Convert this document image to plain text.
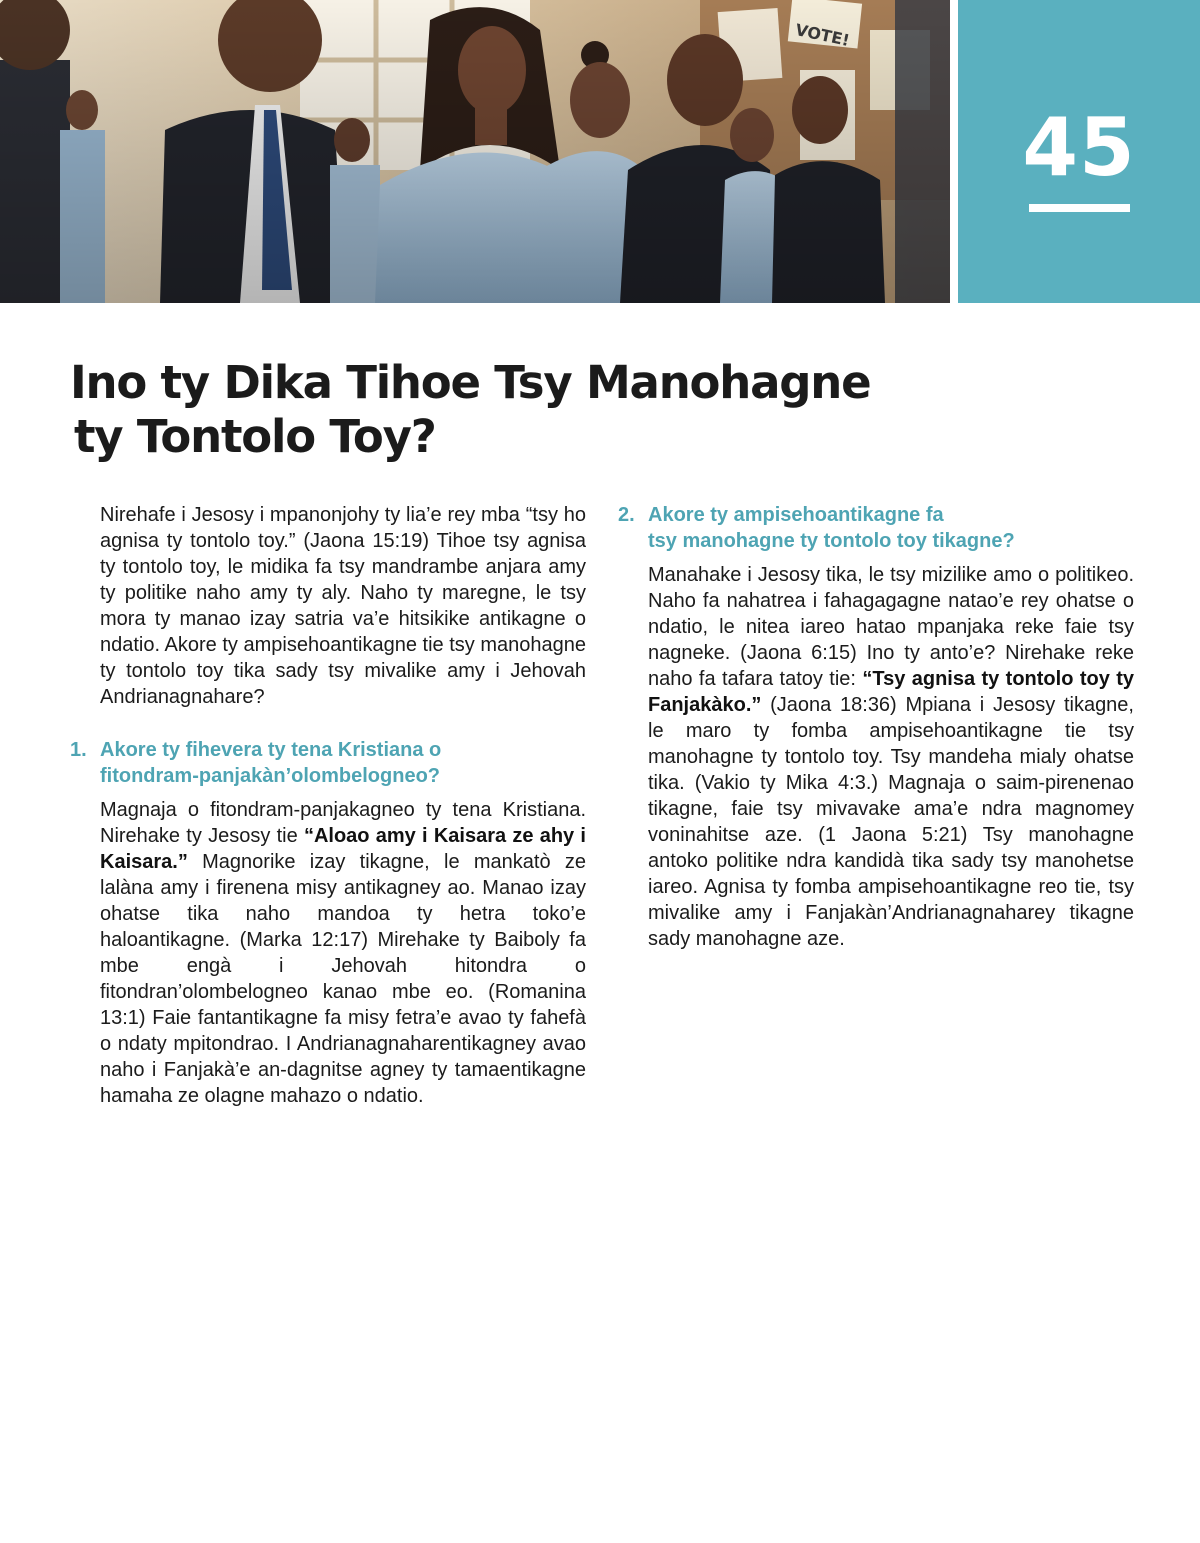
45
Ino ty Dika Tihoe Tsy Manohagne
ty Tontolo Toy?

Nirehafe i Jesosy i mpanonjohy ty lia’e rey mba “tsy ho agnisa ty tontolo toy.” (Jaona 15:19) Tihoe tsy agnisa ty tontolo toy, le midika fa tsy mandrambe anjara amy ty politike naho amy ty aly. Naho ty maregne, le tsy mora ty manao izay satria va’e hitsikike antikagne o ndatio. Akore ty ampisehoantikagne tie tsy manohagne ty tontolo toy tika sady tsy mivalike amy i Jehovah Andrianagnahare?

1. Akore ty fihevera ty tena Kristiana o
fitondram-panjakàn’olombelogneo?

Magnaja o fitondram-panjakagneo ty tena Kristiana. Nirehake ty Jesosy tie “Aloao amy i Kaisara ze ahy i Kaisara.” Magnorike izay tikagne, le mankatò ze lalàna amy i firenena misy antikagney ao. Manao izay ohatse tika naho mandoa ty hetra toko’e haloantikagne. (Marka 12:17) Mirehake ty Baiboly fa mbe engà i Jehovah hitondra o fitondran’olombelogneo kanao mbe eo. (Romanina 13:1) Faie fantantikagne fa misy fetra’e avao ty fahefà o ndaty mpitondrao. I Andrianagnaharentikagney avao naho i Fanjakà’e an-dagnitse agney ty tamaentikagne hamaha ze olagne mahazo o ndatio.

2. Akore ty ampisehoantikagne fa
tsy manohagne ty tontolo toy tikagne?

Manahake i Jesosy tika, le tsy mizilike amo o politikeo. Naho fa nahatrea i fahagagagne natao’e rey ohatse o ndatio, le nitea iareo hatao mpanjaka reke faie tsy nagneke. (Jaona 6:15) Ino ty anto’e? Nirehake reke naho fa tafara tatoy tie: “Tsy agnisa ty tontolo toy ty Fanjakàko.” (Jaona 18:36) Mpiana i Jesosy tikagne, le maro ty fomba ampisehoantikagne tie tsy manohagne ty tontolo toy. Tsy mandeha mialy ohatse tika. (Vakio ty Mika 4:3.) Magnaja o saim-pirenenao tikagne, faie tsy mivavake ama’e ndra magnomey voninahitse aze. (1 Jaona 5:21) Tsy manohagne antoko politike ndra kandidà tika sady tsy manohetse iareo. Agnisa ty fomba ampisehoantikagne reo tie, tsy mivalike amy i Fanjakàn’Andrianagnaharey tikagne sady manohagne aze.
